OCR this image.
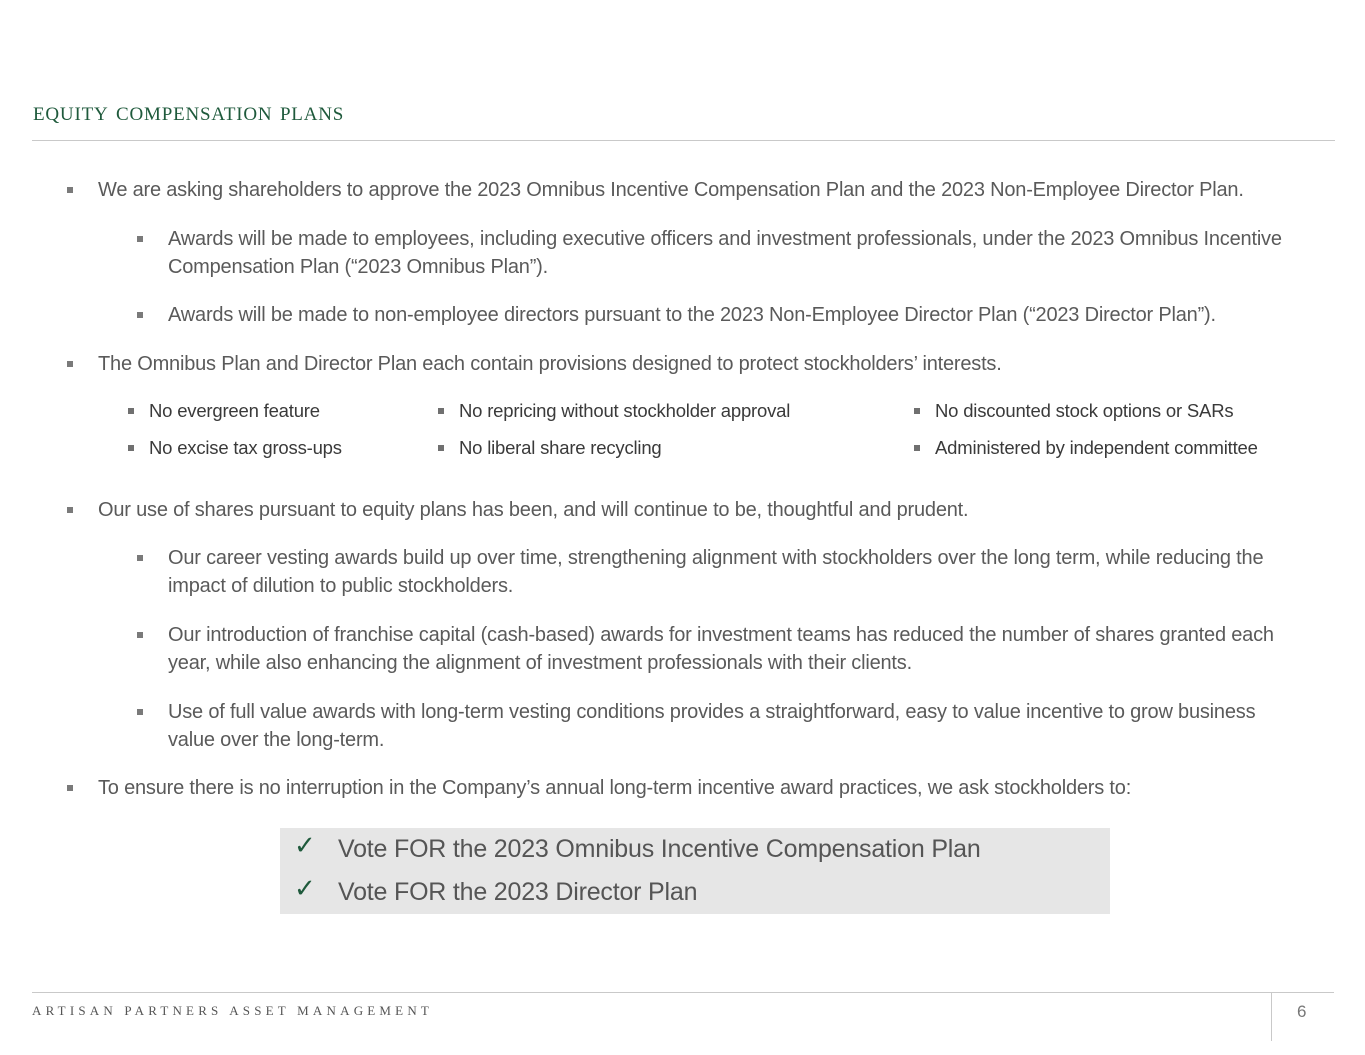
equity compensation plans
We are asking shareholders to approve the 2023 Omnibus Incentive Compensation Plan and the 2023 Non-Employee Director Plan.
Awards will be made to employees, including executive officers and investment professionals, under the 2023 Omnibus Incentive Compensation Plan (“2023 Omnibus Plan”).
Awards will be made to non-employee directors pursuant to the 2023 Non-Employee Director Plan (“2023 Director Plan”).
The Omnibus Plan and Director Plan each contain provisions designed to protect stockholders’ interests.
No evergreen feature	No repricing without stockholder approval	No discounted stock options or SARs
No excise tax gross-ups	No liberal share recycling	Administered by independent committee
Our use of shares pursuant to equity plans has been, and will continue to be, thoughtful and prudent.
Our career vesting awards build up over time, strengthening alignment with stockholders over the long term, while reducing the impact of dilution to public stockholders.
Our introduction of franchise capital (cash-based) awards for investment teams has reduced the number of shares granted each year, while also enhancing the alignment of investment professionals with their clients.
Use of full value awards with long-term vesting conditions provides a straightforward, easy to value incentive to grow business value over the long-term.
To ensure there is no interruption in the Company’s annual long-term incentive award practices, we ask stockholders to:
✓ Vote FOR the 2023 Omnibus Incentive Compensation Plan
✓ Vote FOR the 2023 Director Plan
ARTISAN PARTNERS ASSET MANAGEMENT	6
